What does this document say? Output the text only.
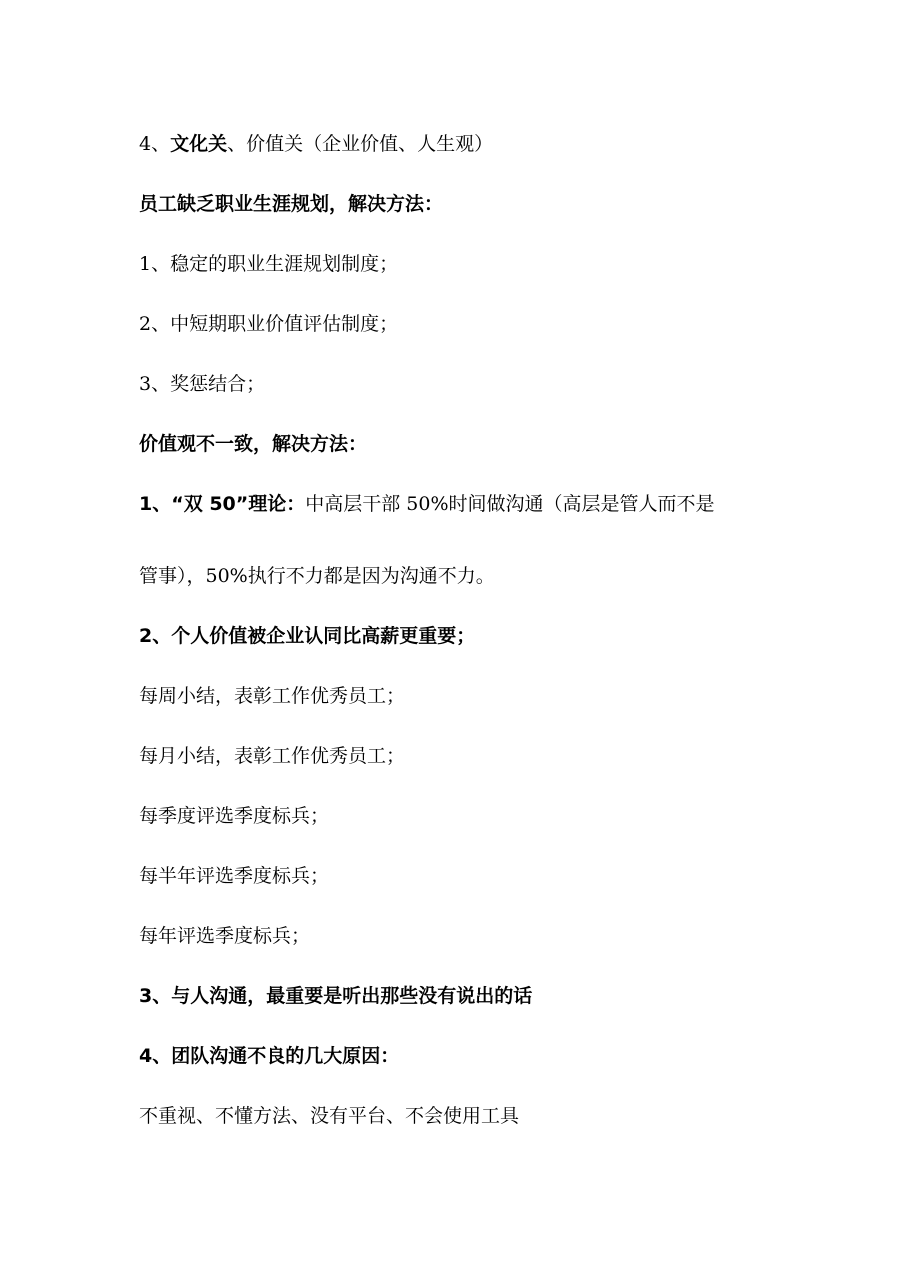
4、文化关、价值关（企业价值、人生观）
员工缺乏职业生涯规划，解决方法：
1、稳定的职业生涯规划制度；
2、中短期职业价值评估制度；
3、奖惩结合；
价值观不一致，解决方法：
1、“双 50”理论：中高层干部 50%时间做沟通（高层是管人而不是
管事），50%执行不力都是因为沟通不力。
2、个人价值被企业认同比高薪更重要；
每周小结，表彰工作优秀员工；
每月小结，表彰工作优秀员工；
每季度评选季度标兵；
每半年评选季度标兵；
每年评选季度标兵；
3、与人沟通，最重要是听出那些没有说出的话
4、团队沟通不良的几大原因：
不重视、不懂方法、没有平台、不会使用工具
